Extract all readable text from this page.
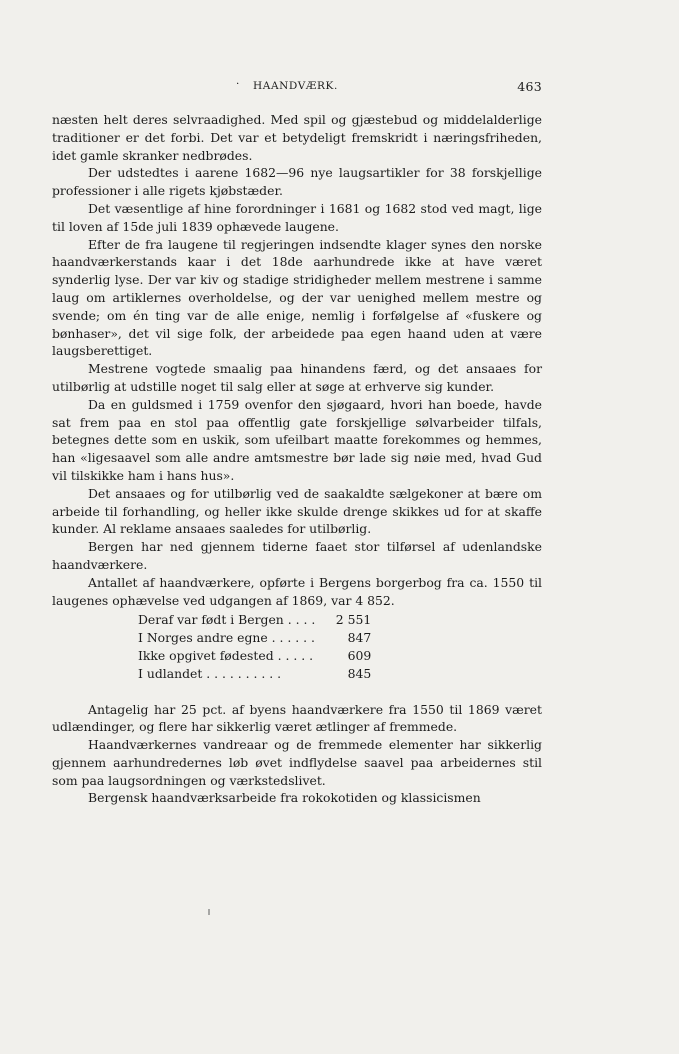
· HAANDVÆRK.	463

næsten helt deres selvraadighed. Med spil og gjæstebud og middelalderlige traditioner er det forbi. Det var et betydeligt fremskridt i næringsfriheden, idet gamle skranker nedbrødes.

Der udstedtes i aarene 1682—96 nye laugsartikler for 38 forskjellige professioner i alle rigets kjøbstæder.

Det væsentlige af hine forordninger i 1681 og 1682 stod ved magt, lige til loven af 15de juli 1839 ophævede laugene.

Efter de fra laugene til regjeringen indsendte klager synes den norske haandværkerstands kaar i det 18de aarhundrede ikke at have været synderlig lyse. Der var kiv og stadige stridigheder mellem mestrene i samme laug om artiklernes overholdelse, og der var uenighed mellem mestre og svende; om én ting var de alle enige, nemlig i forfølgelse af «fuskere og bønhaser», det vil sige folk, der arbeidede paa egen haand uden at være laugsberettiget.

Mestrene vogtede smaalig paa hinandens færd, og det ansaaes for utilbørlig at udstille noget til salg eller at søge at erhverve sig kunder.

Da en guldsmed i 1759 ovenfor den sjøgaard, hvori han boede, havde sat frem paa en stol paa offentlig gate forskjellige sølvarbeider tilfals, betegnes dette som en uskik, som ufeilbart maatte forekommes og hemmes, han «ligesaavel som alle andre amtsmestre bør lade sig nøie med, hvad Gud vil tilskikke ham i hans hus».

Det ansaaes og for utilbørlig ved de saakaldte sælgekoner at bære om arbeide til forhandling, og heller ikke skulde drenge skikkes ud for at skaffe kunder. Al reklame ansaaes saaledes for utilbørlig.

Bergen har ned gjennem tiderne faaet stor tilførsel af udenlandske haandværkere.

Antallet af haandværkere, opførte i Bergens borgerbog fra ca. 1550 til laugenes ophævelse ved udgangen af 1869, var 4 852.

Deraf var født i Bergen . . . .	2 551
I Norges andre egne . . . . . .	847
Ikke opgivet fødested . . . . .	609
I udlandet . . . . . . . . . .	845

Antagelig har 25 pct. af byens haandværkere fra 1550 til 1869 været udlændinger, og flere har sikkerlig været ætlinger af fremmede.

Haandværkernes vandreaar og de fremmede elementer har sikkerlig gjennem aarhundredernes løb øvet indflydelse saavel paa arbeidernes stil som paa laugsordningen og værkstedslivet.

Bergensk haandværksarbeide fra rokokotiden og klassicismen
